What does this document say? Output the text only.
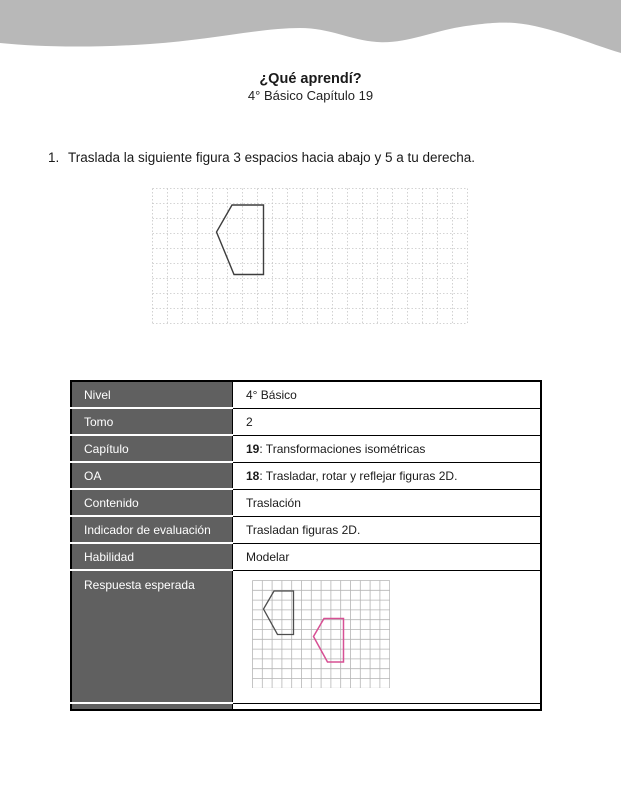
¿Qué aprendí?
4° Básico Capítulo 19
1. Traslada la siguiente figura 3 espacios hacia abajo y 5 a tu derecha.
Nivel	4° Básico
Tomo	2
Capítulo	19: Transformaciones isométricas
OA	18: Trasladar, rotar y reflejar figuras 2D.
Contenido	Traslación
Indicador de evaluación	Trasladan figuras 2D.
Habilidad	Modelar
Respuesta esperada	
